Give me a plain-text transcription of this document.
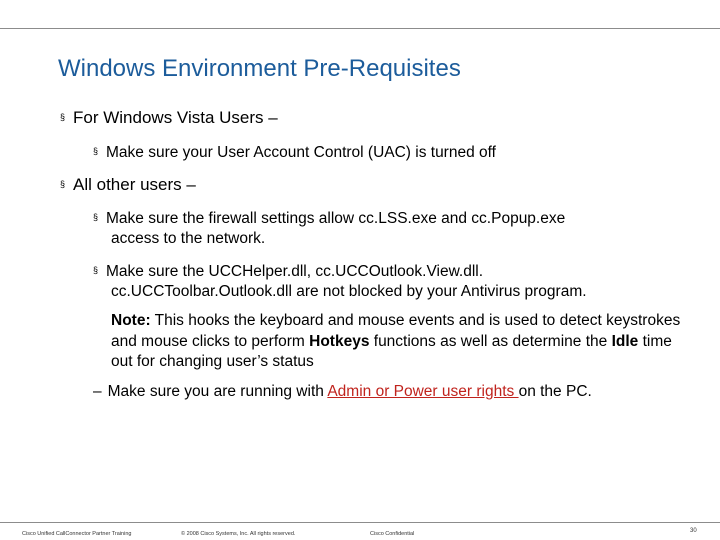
Windows Environment Pre-Requisites
§ For Windows Vista Users –
§ Make sure your User Account Control (UAC) is turned off
§ All other users –
§ Make sure the firewall settings allow cc.LSS.exe and cc.Popup.exe
access to the network.
§ Make sure the UCCHelper.dll, cc.UCCOutlook.View.dll.
cc.UCCToolbar.Outlook.dll are not blocked by your Antivirus program.
Note: This hooks the keyboard and mouse events and is used to detect keystrokes and mouse clicks to perform Hotkeys functions as well as determine the Idle time out for changing user’s status
– Make sure you are running with Admin or Power user rights on the PC.
Cisco Unified CallConnector Partner Training	© 2008 Cisco Systems, Inc. All rights reserved.	Cisco Confidential	30
